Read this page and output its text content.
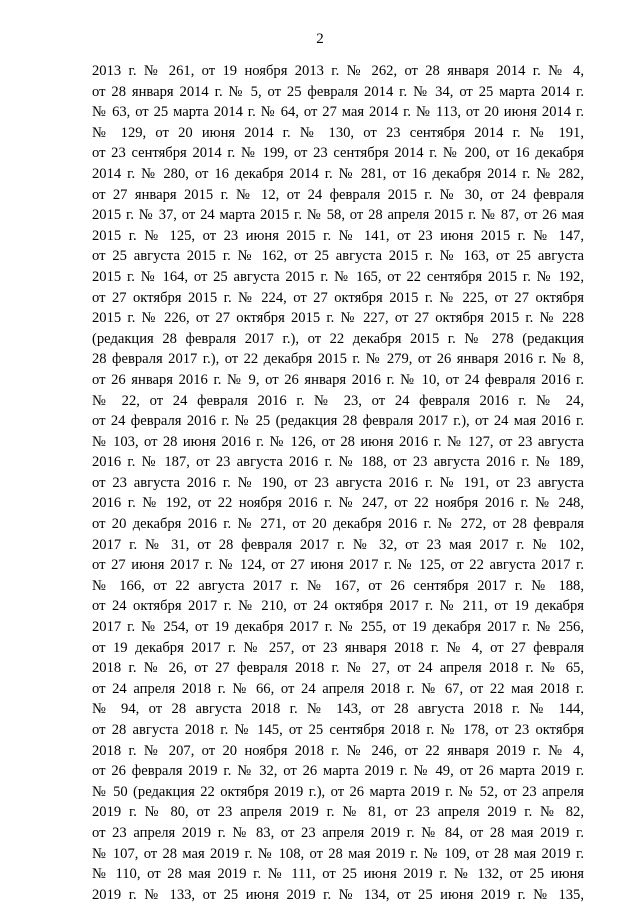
2
2013 г. № 261, от 19 ноября 2013 г. № 262, от 28 января 2014 г. № 4,
от 28 января 2014 г. № 5, от 25 февраля 2014 г. № 34, от 25 марта 2014 г.
№ 63, от 25 марта 2014 г. № 64, от 27 мая 2014 г. № 113, от 20 июня 2014 г.
№ 129, от 20 июня 2014 г. № 130, от 23 сентября 2014 г. № 191,
от 23 сентября 2014 г. № 199, от 23 сентября 2014 г. № 200, от 16 декабря
2014 г. № 280, от 16 декабря 2014 г. № 281, от 16 декабря 2014 г. № 282,
от 27 января 2015 г. № 12, от 24 февраля 2015 г. № 30, от 24 февраля
2015 г. № 37, от 24 марта 2015 г. № 58, от 28 апреля 2015 г. № 87, от 26 мая
2015 г. № 125, от 23 июня 2015 г. № 141, от 23 июня 2015 г. № 147,
от 25 августа 2015 г. № 162, от 25 августа 2015 г. № 163, от 25 августа
2015 г. № 164, от 25 августа 2015 г. № 165, от 22 сентября 2015 г. № 192,
от 27 октября 2015 г. № 224, от 27 октября 2015 г. № 225, от 27 октября
2015 г. № 226, от 27 октября 2015 г. № 227, от 27 октября 2015 г. № 228
(редакция 28 февраля 2017 г.), от 22 декабря 2015 г. № 278 (редакция
28 февраля 2017 г.), от 22 декабря 2015 г. № 279, от 26 января 2016 г. № 8,
от 26 января 2016 г. № 9, от 26 января 2016 г. № 10, от 24 февраля 2016 г.
№ 22, от 24 февраля 2016 г. № 23, от 24 февраля 2016 г. № 24,
от 24 февраля 2016 г. № 25 (редакция 28 февраля 2017 г.), от 24 мая 2016 г.
№ 103, от 28 июня 2016 г. № 126, от 28 июня 2016 г. № 127, от 23 августа
2016 г. № 187, от 23 августа 2016 г. № 188, от 23 августа 2016 г. № 189,
от 23 августа 2016 г. № 190, от 23 августа 2016 г. № 191, от 23 августа
2016 г. № 192, от 22 ноября 2016 г. № 247, от 22 ноября 2016 г. № 248,
от 20 декабря 2016 г. № 271, от 20 декабря 2016 г. № 272, от 28 февраля
2017 г. № 31, от 28 февраля 2017 г. № 32, от 23 мая 2017 г. № 102,
от 27 июня 2017 г. № 124, от 27 июня 2017 г. № 125, от 22 августа 2017 г.
№ 166, от 22 августа 2017 г. № 167, от 26 сентября 2017 г. № 188,
от 24 октября 2017 г. № 210, от 24 октября 2017 г. № 211, от 19 декабря
2017 г. № 254, от 19 декабря 2017 г. № 255, от 19 декабря 2017 г. № 256,
от 19 декабря 2017 г. № 257, от 23 января 2018 г. № 4, от 27 февраля
2018 г. № 26, от 27 февраля 2018 г. № 27, от 24 апреля 2018 г. № 65,
от 24 апреля 2018 г. № 66, от 24 апреля 2018 г. № 67, от 22 мая 2018 г.
№ 94, от 28 августа 2018 г. № 143, от 28 августа 2018 г. № 144,
от 28 августа 2018 г. № 145, от 25 сентября 2018 г. № 178, от 23 октября
2018 г. № 207, от 20 ноября 2018 г. № 246, от 22 января 2019 г. № 4,
от 26 февраля 2019 г. № 32, от 26 марта 2019 г. № 49, от 26 марта 2019 г.
№ 50 (редакция 22 октября 2019 г.), от 26 марта 2019 г. № 52, от 23 апреля
2019 г. № 80, от 23 апреля 2019 г. № 81, от 23 апреля 2019 г. № 82,
от 23 апреля 2019 г. № 83, от 23 апреля 2019 г. № 84, от 28 мая 2019 г.
№ 107, от 28 мая 2019 г. № 108, от 28 мая 2019 г. № 109, от 28 мая 2019 г.
№ 110, от 28 мая 2019 г. № 111, от 25 июня 2019 г. № 132, от 25 июня
2019 г. № 133, от 25 июня 2019 г. № 134, от 25 июня 2019 г. № 135,
